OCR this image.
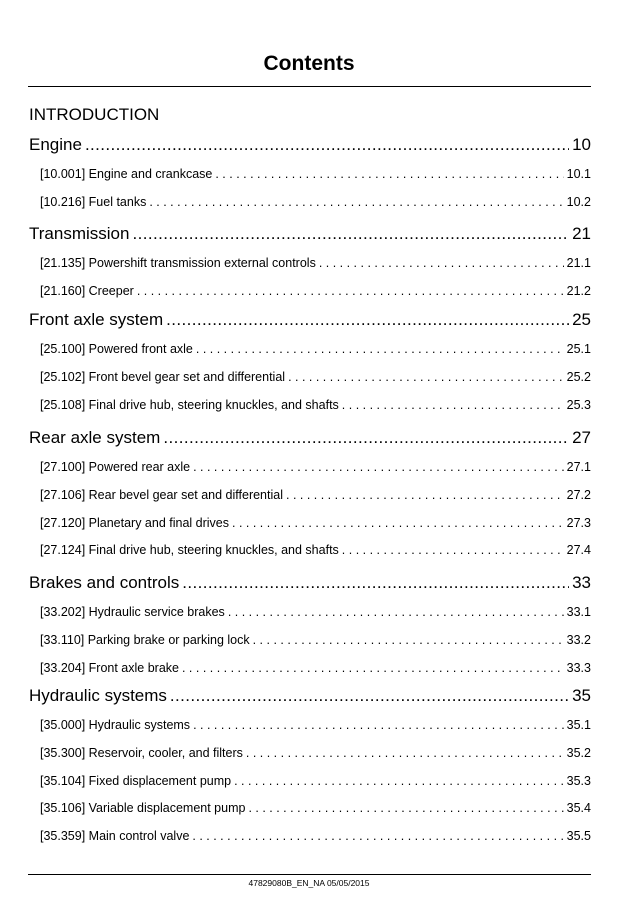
Contents
INTRODUCTION
Engine .....	10
[10.001] Engine and crankcase . . .	10.1
[10.216] Fuel tanks . . .	10.2
Transmission .....	21
[21.135] Powershift transmission external controls . . .	21.1
[21.160] Creeper . . .	21.2
Front axle system .....	25
[25.100] Powered front axle . . .	25.1
[25.102] Front bevel gear set and differential . . .	25.2
[25.108] Final drive hub, steering knuckles, and shafts . . .	25.3
Rear axle system .....	27
[27.100] Powered rear axle . . .	27.1
[27.106] Rear bevel gear set and differential . . .	27.2
[27.120] Planetary and final drives . . .	27.3
[27.124] Final drive hub, steering knuckles, and shafts . . .	27.4
Brakes and controls .....	33
[33.202] Hydraulic service brakes . . .	33.1
[33.110] Parking brake or parking lock . . .	33.2
[33.204] Front axle brake . . .	33.3
Hydraulic systems .....	35
[35.000] Hydraulic systems . . .	35.1
[35.300] Reservoir, cooler, and filters . . .	35.2
[35.104] Fixed displacement pump . . .	35.3
[35.106] Variable displacement pump . . .	35.4
[35.359] Main control valve . . .	35.5
47829080B_EN_NA 05/05/2015
